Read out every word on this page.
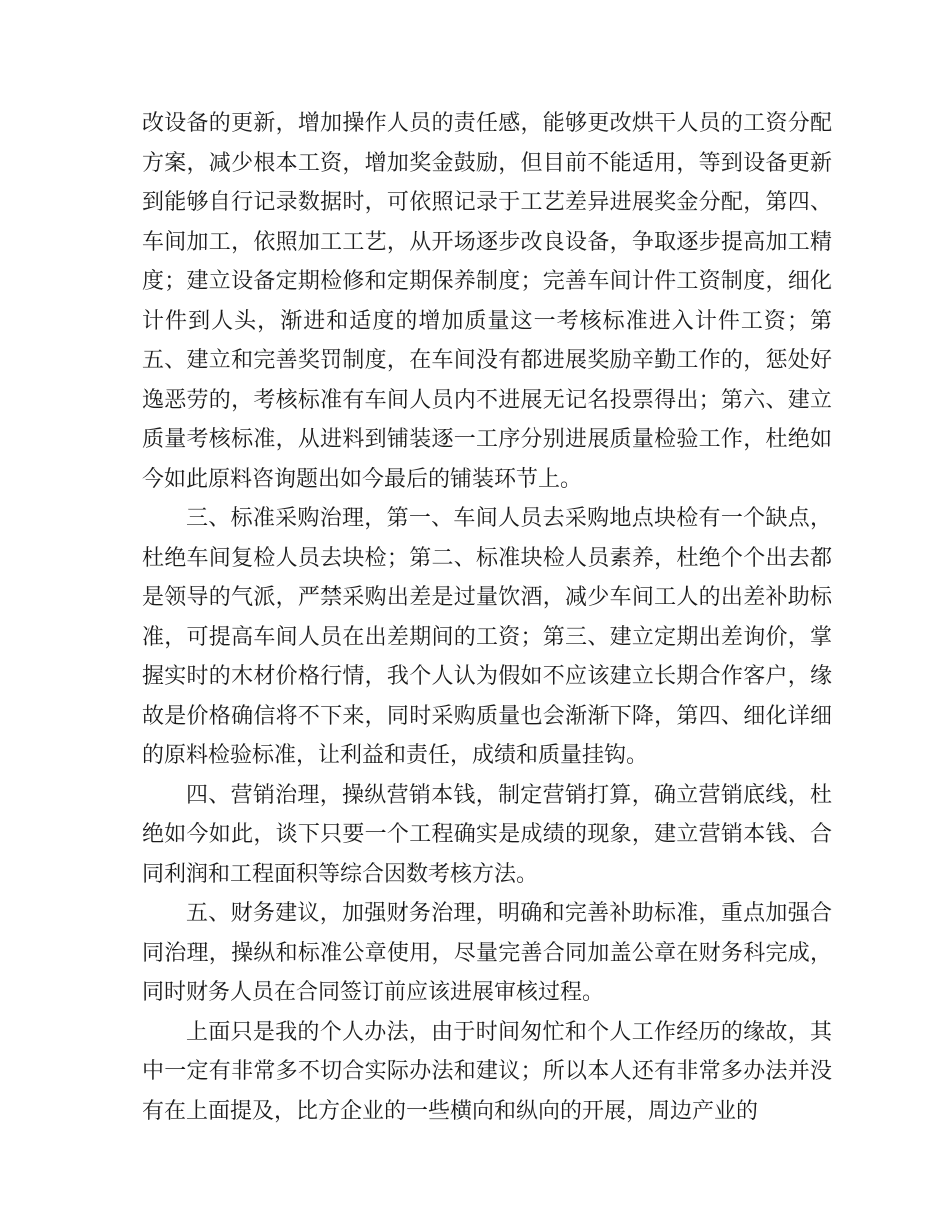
改设备的更新，增加操作人员的责任感，能够更改烘干人员的工资分配方案，减少根本工资，增加奖金鼓励，但目前不能适用，等到设备更新到能够自行记录数据时，可依照记录于工艺差异进展奖金分配，第四、车间加工，依照加工工艺，从开场逐步改良设备，争取逐步提高加工精度；建立设备定期检修和定期保养制度；完善车间计件工资制度，细化计件到人头，渐进和适度的增加质量这一考核标准进入计件工资；第五、建立和完善奖罚制度，在车间没有都进展奖励辛勤工作的，惩处好逸恶劳的，考核标准有车间人员内不进展无记名投票得出；第六、建立质量考核标准，从进料到铺装逐一工序分别进展质量检验工作，杜绝如今如此原料咨询题出如今最后的铺装环节上。

三、标准采购治理，第一、车间人员去采购地点块检有一个缺点，杜绝车间复检人员去块检；第二、标准块检人员素养，杜绝个个出去都是领导的气派，严禁采购出差是过量饮酒，减少车间工人的出差补助标准，可提高车间人员在出差期间的工资；第三、建立定期出差询价，掌握实时的木材价格行情，我个人认为假如不应该建立长期合作客户，缘故是价格确信将不下来，同时采购质量也会渐渐下降，第四、细化详细的原料检验标准，让利益和责任，成绩和质量挂钩。

四、营销治理，操纵营销本钱，制定营销打算，确立营销底线，杜绝如今如此，谈下只要一个工程确实是成绩的现象，建立营销本钱、合同利润和工程面积等综合因数考核方法。

五、财务建议，加强财务治理，明确和完善补助标准，重点加强合同治理，操纵和标准公章使用，尽量完善合同加盖公章在财务科完成，同时财务人员在合同签订前应该进展审核过程。

上面只是我的个人办法，由于时间匆忙和个人工作经历的缘故，其中一定有非常多不切合实际办法和建议；所以本人还有非常多办法并没有在上面提及，比方企业的一些横向和纵向的开展，周边产业的
